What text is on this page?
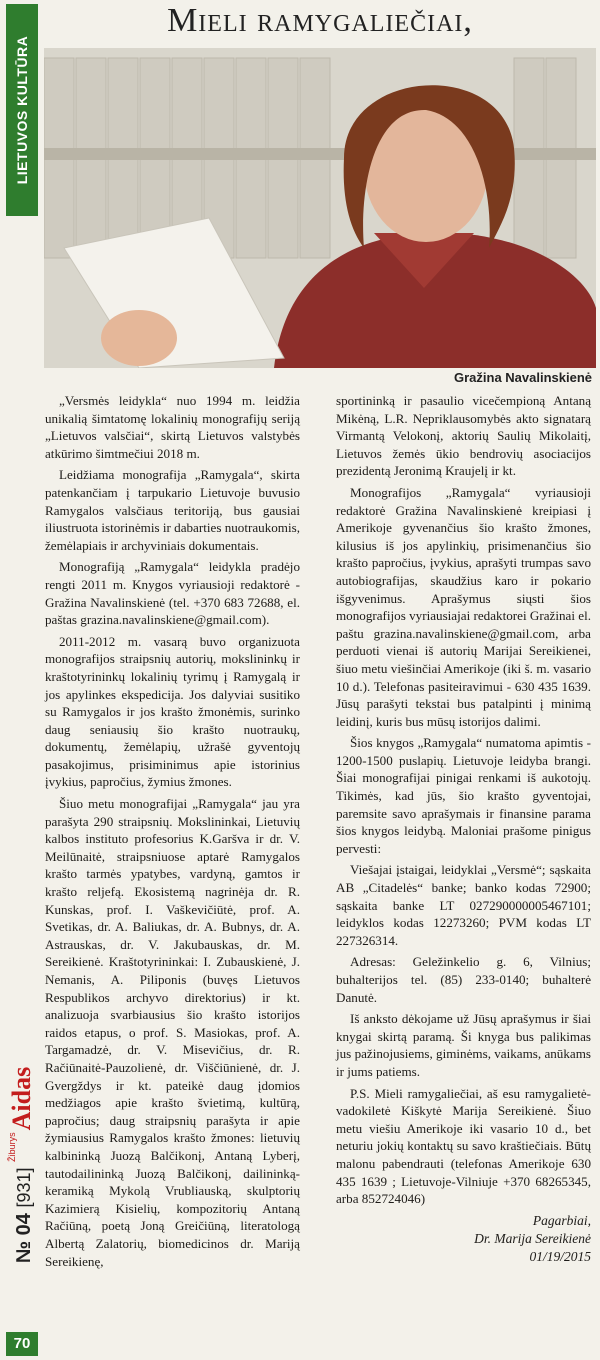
LIETUVOS KULTŪRA
№ 04 [931] $^{Žiburys}$Aidas
70
Mieli ramygaliečiai,
Gražina Navalinskienė

„Versmės leidykla“ nuo 1994 m. leidžia unikalią šimtatomę lokalinių monografijų seriją „Lietuvos valsčiai“, skirtą Lietuvos valstybės atkūrimo šimtmečiui 2018 m.

Leidžiama monografija „Ramygala“, skirta patenkančiam į tarpukario Lietuvoje buvusio Ramygalos valsčiaus teritoriją, bus gausiai iliustruota istorinėmis ir dabarties nuotraukomis, žemėlapiais ir archyviniais dokumentais.

Monografiją „Ramygala“ leidykla pradėjo rengti 2011 m. Knygos vyriausioji redaktorė - Gražina Navalinskienė (tel. +370 683 72688, el. paštas grazina.navalinskiene@gmail.com).

2011-2012 m. vasarą buvo organizuota monografijos straipsnių autorių, mokslininkų ir kraštotyrininkų lokalinių tyrimų į Ramygalą ir jos apylinkes ekspedicija. Jos dalyviai susitiko su Ramygalos ir jos krašto žmonėmis, surinko daug seniausių šio krašto nuotraukų, dokumentų, žemėlapių, užrašė gyventojų pasakojimus, prisiminimus apie istorinius įvykius, papročius, žymius žmones.

Šiuo metu monografijai „Ramygala“ jau yra parašyta 290 straipsnių. Mokslininkai, Lietuvių kalbos instituto profesorius K.Garšva ir dr. V. Meilūnaitė, straipsniuose aptarė Ramygalos krašto tarmės ypatybes, vardyną, gamtos ir krašto reljefą. Ekosistemą nagrinėja dr. R. Kunskas, prof. I. Vaškevičiūtė, prof. A. Svetikas, dr. A. Baliukas, dr. A. Bubnys, dr. A. Astrauskas, dr. V. Jakubauskas, dr. M. Sereikienė. Kraštotyrininkai: I. Zubauskienė, J. Nemanis, A. Piliponis (buvęs Lietuvos Respublikos archyvo direktorius) ir kt. analizuoja svarbiausius šio krašto istorijos raidos etapus, o prof. S. Masiokas, prof. A. Targamadzė, dr. V. Misevičius, dr. R. Račiūnaitė-Pauzolienė, dr. Viščiūnienė, dr. J. Gvergždys ir kt. pateikė daug įdomios medžiagos apie krašto švietimą, kultūrą, papročius; daug straipsnių parašyta ir apie žymiausius Ramygalos krašto žmones: lietuvių kalbininką Juozą Balčikonį, Antaną Lyberį, tautodailininką Juozą Balčikonį, dailininką-keramiką Mykolą Vrubliauską, skulptorių Kazimierą Kisielių, kompozitorių Antaną Račiūną, poetą Joną Greičiūną, literatologą Albertą Zalatorių, biomedicinos dr. Mariją Sereikienę,

sportininką ir pasaulio vicečempioną Antaną Mikėną, L.R. Nepriklausomybės akto signatarą Virmantą Velokonį, aktorių Saulių Mikolaitį, Lietuvos žemės ūkio bendrovių asociacijos prezidentą Jeronimą Kraujelį ir kt.

Monografijos „Ramygala“ vyriausioji redaktorė Gražina Navalinskienė kreipiasi į Amerikoje gyvenančius šio krašto žmones, kilusius iš jos apylinkių, prisimenančius šio krašto papročius, įvykius, aprašyti trumpas savo autobiografijas, skaudžius karo ir pokario išgyvenimus. Aprašymus siųsti šios monografijos vyriausiajai redaktorei Gražinai el. paštu grazina.navalinskiene@gmail.com, arba perduoti vienai iš autorių Marijai Sereikienei, šiuo metu viešinčiai Amerikoje (iki š. m. vasario 10 d.). Telefonas pasiteiravimui - 630 435 1639. Jūsų parašyti tekstai bus patalpinti į minimą leidinį, kuris bus mūsų istorijos dalimi.

Šios knygos „Ramygala“ numatoma apimtis - 1200-1500 puslapių. Lietuvoje leidyba brangi. Šiai monografijai pinigai renkami iš aukotojų. Tikimės, kad jūs, šio krašto gyventojai, paremsite savo aprašymais ir finansine parama šios knygos leidybą. Maloniai prašome pinigus pervesti:

Viešajai įstaigai, leidyklai „Versmė“; sąskaita AB „Citadelės“ banke; banko kodas 72900; sąskaita banke LT 027290000005467101; leidyklos kodas 12273260; PVM kodas LT 227326314.

Adresas: Geležinkelio g. 6, Vilnius; buhalterijos tel. (85) 233-0140; buhalterė Danutė.

Iš anksto dėkojame už Jūsų aprašymus ir šiai knygai skirtą paramą. Ši knyga bus palikimas jus pažinojusiems, giminėms, vaikams, anūkams ir jums patiems.

P.S. Mieli ramygaliečiai, aš esu ramygalietė-vadokiletė Kiškytė Marija Sereikienė. Šiuo metu viešiu Amerikoje iki vasario 10 d., bet neturiu jokių kontaktų su savo kraštiečiais. Būtų malonu pabendrauti (telefonas Amerikoje 630 435 1639 ; Lietuvoje-Vilniuje +370 68265345, arba 852724046)

Pagarbiai,
Dr. Marija Sereikienė
01/19/2015
